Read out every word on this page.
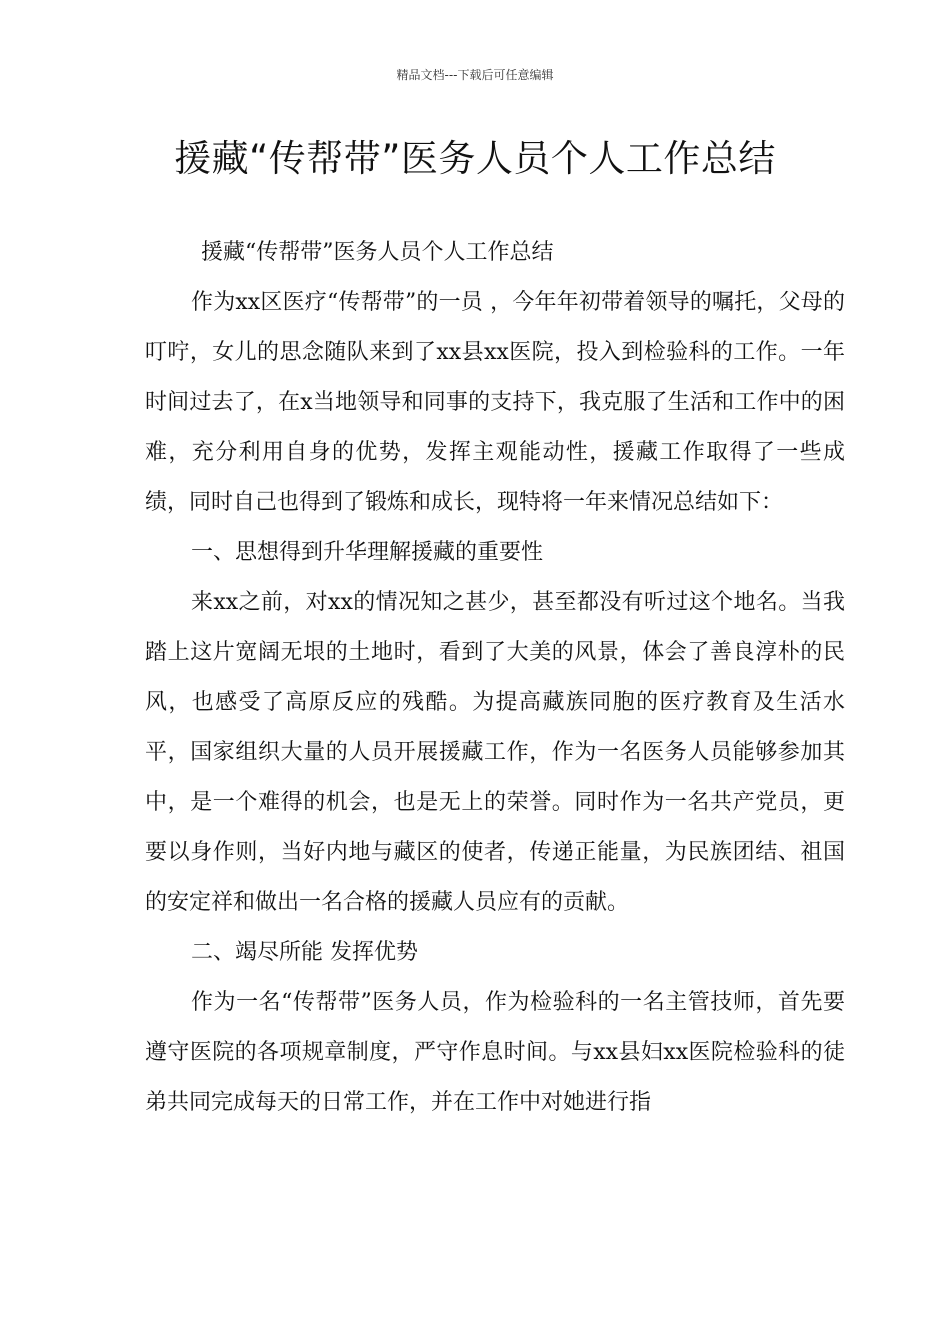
精品文档---下载后可任意编辑
援藏“传帮带”医务人员个人工作总结

援藏“传帮带”医务人员个人工作总结

作为xx区医疗“传帮带”的一员 ，今年年初带着领导的嘱托，父母的叮咛，女儿的思念随队来到了xx县xx医院，投入到检验科的工作。一年时间过去了，在x当地领导和同事的支持下，我克服了生活和工作中的困难，充分利用自身的优势，发挥主观能动性，援藏工作取得了一些成绩，同时自己也得到了锻炼和成长，现特将一年来情况总结如下：

一、思想得到升华理解援藏的重要性

来xx之前，对xx的情况知之甚少，甚至都没有听过这个地名。当我踏上这片宽阔无垠的土地时，看到了大美的风景，体会了善良淳朴的民风，也感受了高原反应的残酷。为提高藏族同胞的医疗教育及生活水平，国家组织大量的人员开展援藏工作，作为一名医务人员能够参加其中，是一个难得的机会，也是无上的荣誉。同时作为一名共产党员，更要以身作则，当好内地与藏区的使者，传递正能量，为民族团结、祖国的安定祥和做出一名合格的援藏人员应有的贡献。

二、竭尽所能 发挥优势

作为一名“传帮带”医务人员，作为检验科的一名主管技师，首先要遵守医院的各项规章制度，严守作息时间。与xx县妇xx医院检验科的徒弟共同完成每天的日常工作，并在工作中对她进行指
